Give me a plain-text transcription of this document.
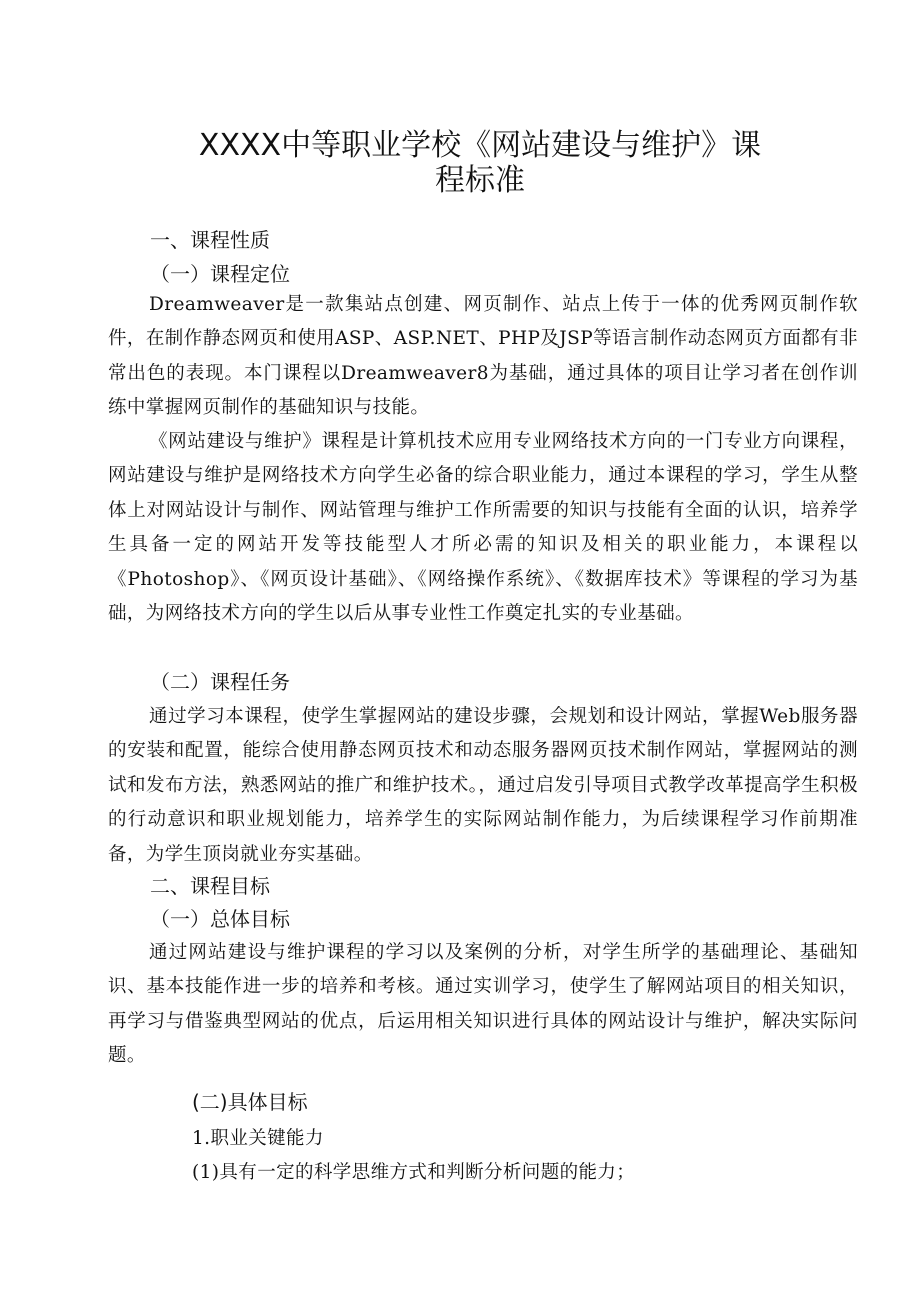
XXXX中等职业学校《网站建设与维护》课
程标准
一、课程性质
（一）课程定位
Dreamweaver是一款集站点创建、网页制作、站点上传于一体的优秀网页制作软件，在制作静态网页和使用ASP、ASP.NET、PHP及JSP等语言制作动态网页方面都有非常出色的表现。本门课程以Dreamweaver8为基础，通过具体的项目让学习者在创作训练中掌握网页制作的基础知识与技能。
《网站建设与维护》课程是计算机技术应用专业网络技术方向的一门专业方向课程，网站建设与维护是网络技术方向学生必备的综合职业能力，通过本课程的学习，学生从整体上对网站设计与制作、网站管理与维护工作所需要的知识与技能有全面的认识，培养学生具备一定的网站开发等技能型人才所必需的知识及相关的职业能力，本课程以《Photoshop》、《网页设计基础》、《网络操作系统》、《数据库技术》等课程的学习为基础，为网络技术方向的学生以后从事专业性工作奠定扎实的专业基础。
（二）课程任务
通过学习本课程，使学生掌握网站的建设步骤，会规划和设计网站，掌握Web服务器的安装和配置，能综合使用静态网页技术和动态服务器网页技术制作网站，掌握网站的测试和发布方法，熟悉网站的推广和维护技术。，通过启发引导项目式教学改革提高学生积极的行动意识和职业规划能力，培养学生的实际网站制作能力，为后续课程学习作前期准备，为学生顶岗就业夯实基础。
二、课程目标
（一）总体目标
通过网站建设与维护课程的学习以及案例的分析，对学生所学的基础理论、基础知识、基本技能作进一步的培养和考核。通过实训学习，使学生了解网站项目的相关知识，再学习与借鉴典型网站的优点，后运用相关知识进行具体的网站设计与维护，解决实际问题。
(二)具体目标
1.职业关键能力
(1)具有一定的科学思维方式和判断分析问题的能力；
